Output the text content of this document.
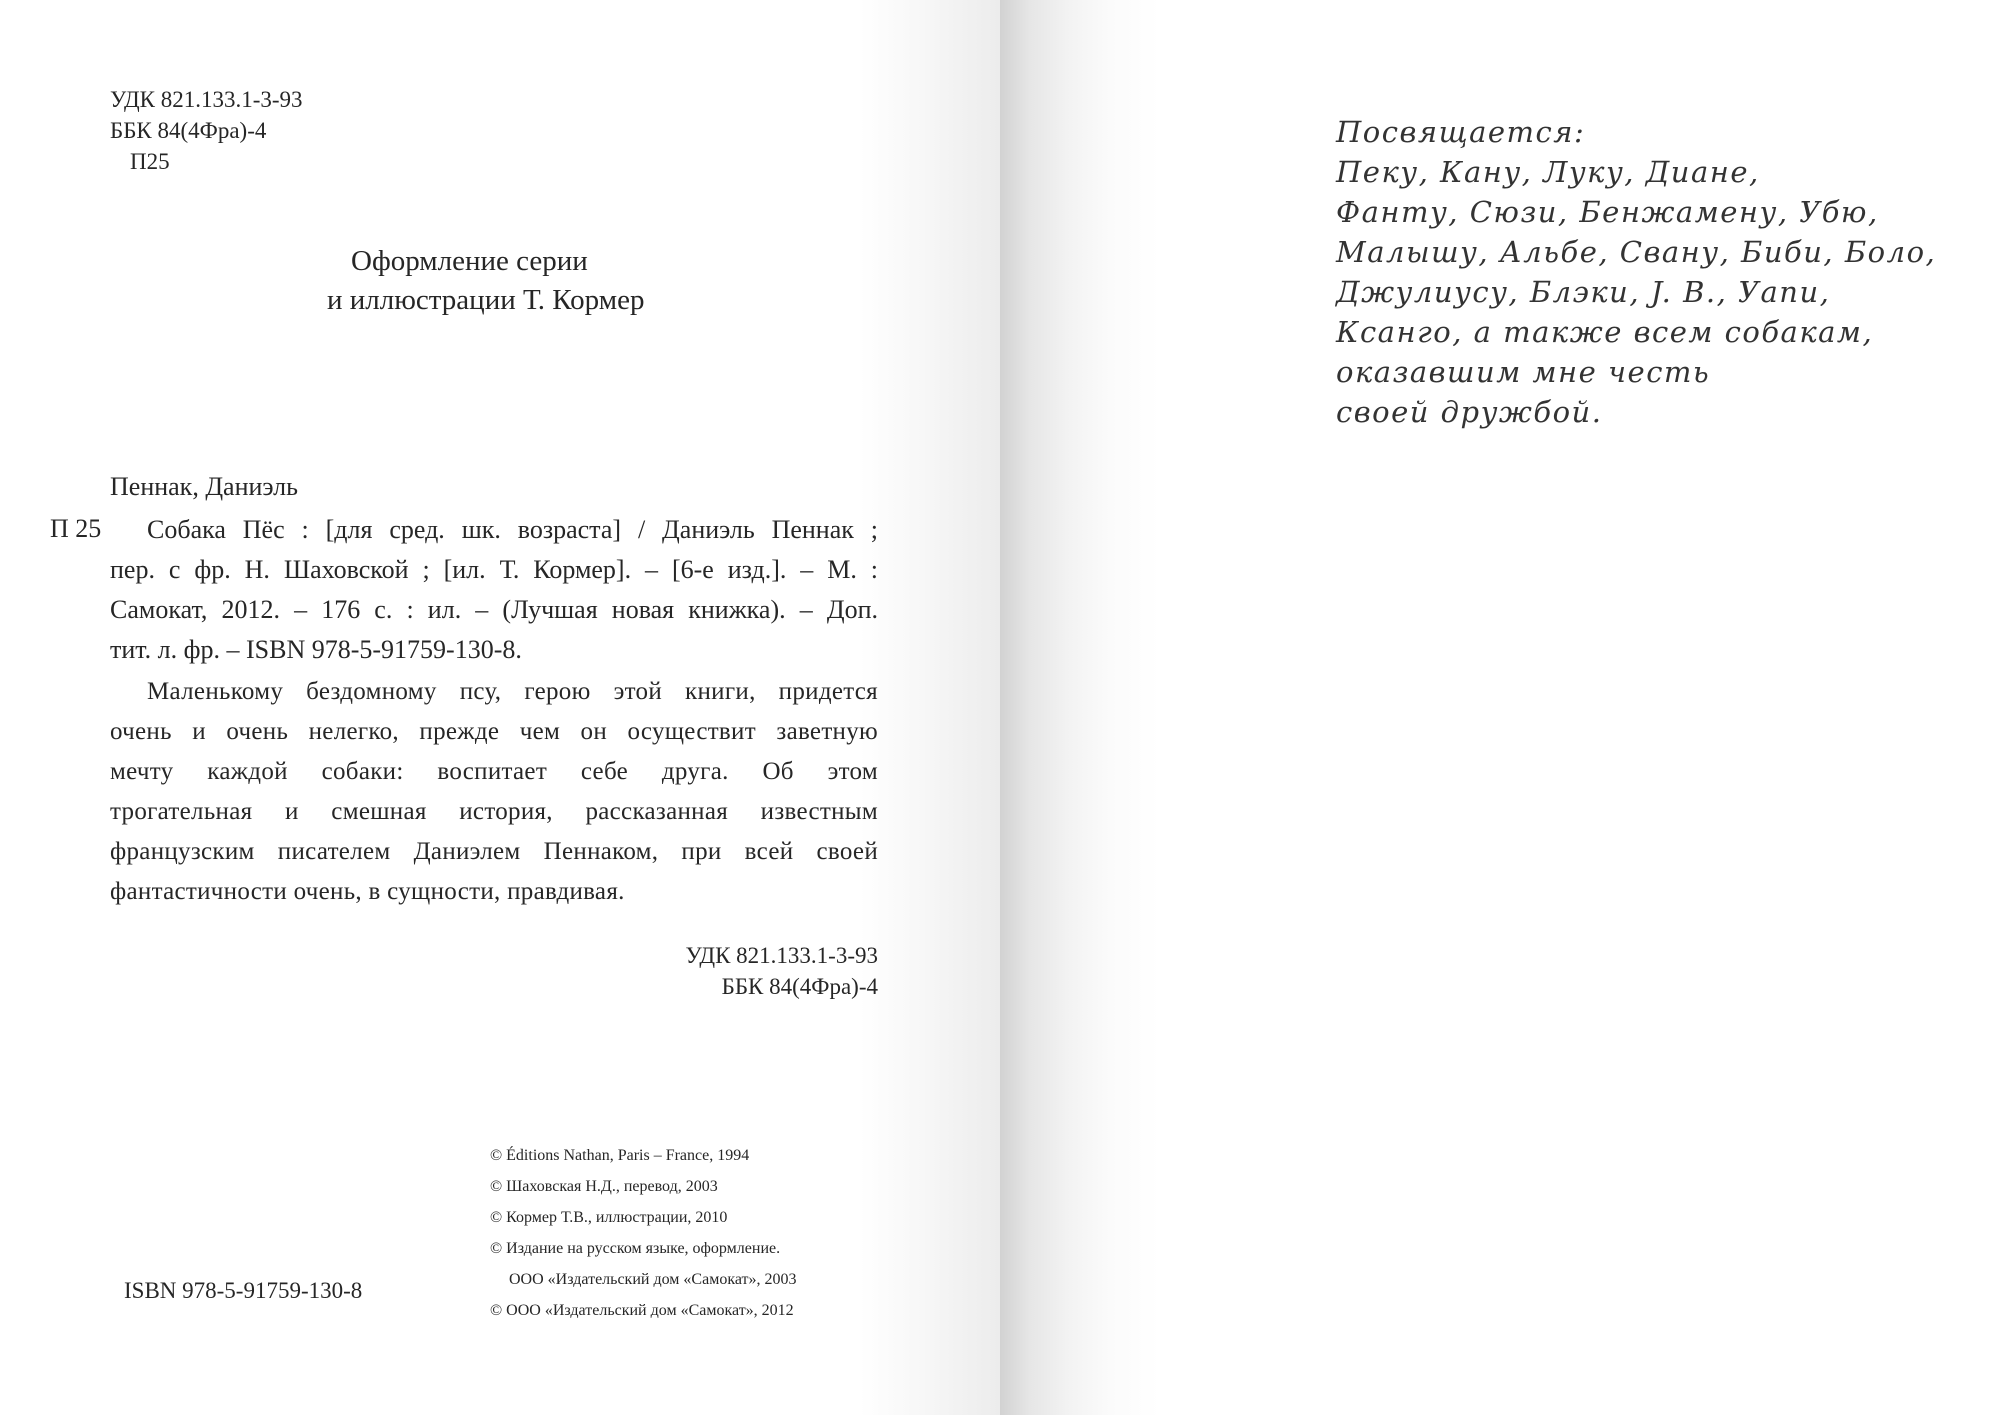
УДК 821.133.1-3-93
ББК 84(4Фра)-4
П25
Оформление серии
и иллюстрации Т. Кормер
Пеннак, Даниэль
П 25	Собака Пёс : [для сред. шк. возраста] / Даниэль Пеннак ;
пер. с фр. Н. Шаховской ; [ил. Т. Кормер]. – [6-е изд.]. – М. :
Самокат, 2012. – 176 с. : ил. – (Лучшая новая книжка). – Доп.
тит. л. фр. – ISBN 978-5-91759-130-8.
Маленькому бездомному псу, герою этой книги, придется
очень и очень нелегко, прежде чем он осуществит заветную
мечту каждой собаки: воспитает себе друга. Об этом
трогательная и смешная история, рассказанная известным
французским писателем Даниэлем Пеннаком, при всей своей
фантастичности очень, в сущности, правдивая.
УДК 821.133.1-3-93
ББК 84(4Фра)-4
© Éditions Nathan, Paris – France, 1994
© Шаховская Н.Д., перевод, 2003
© Кормер Т.В., иллюстрации, 2010
© Издание на русском языке, оформление.
ООО «Издательский дом «Самокат», 2003
© ООО «Издательский дом «Самокат», 2012
ISBN 978-5-91759-130-8
Посвящается:
Пеку, Кану, Луку, Диане,
Фанту, Сюзи, Бенжамену, Убю,
Малышу, Альбе, Свану, Биби, Боло,
Джулиусу, Блэки, J. B., Уапи,
Ксанго, а также всем собакам,
оказавшим мне честь
своей дружбой.
